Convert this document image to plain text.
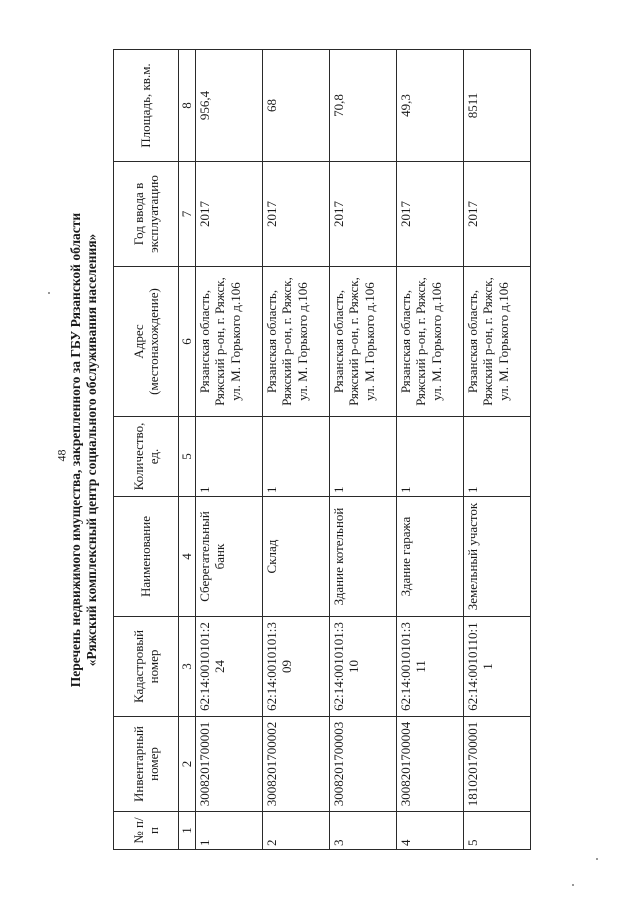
48 Перечень недвижимого имущества, закрепленного за ГБУ Рязанской области «Ряжский комплексный центр социального обслуживания населения»

№ п/п	Инвентарный номер	Кадастровый номер	Наименование	Количество, ед.	Адрес (местонахождение)	Год ввода в эксплуатацию	Площадь, кв.м.
1	2	3	4	5	6	7	8
1	3008201700001	62:14:0010101:224	Сберегательный банк	1	Рязанская область, Ряжский р-он, г. Ряжск, ул. М. Горького д.106	2017	956,4
2	3008201700002	62:14:0010101:309	Склад	1	Рязанская область, Ряжский р-он, г. Ряжск, ул. М. Горького д.106	2017	68
3	3008201700003	62:14:0010101:310	Здание котельной	1	Рязанская область, Ряжский р-он, г. Ряжск, ул. М. Горького д.106	2017	70,8
4	3008201700004	62:14:0010101:311	Здание гаража	1	Рязанская область, Ряжский р-он, г. Ряжск, ул. М. Горького д.106	2017	49,3
5	1810201700001	62:14:0010110:11	Земельный участок	1	Рязанская область, Ряжский р-он, г. Ряжск, ул. М. Горького д.106	2017	8511
